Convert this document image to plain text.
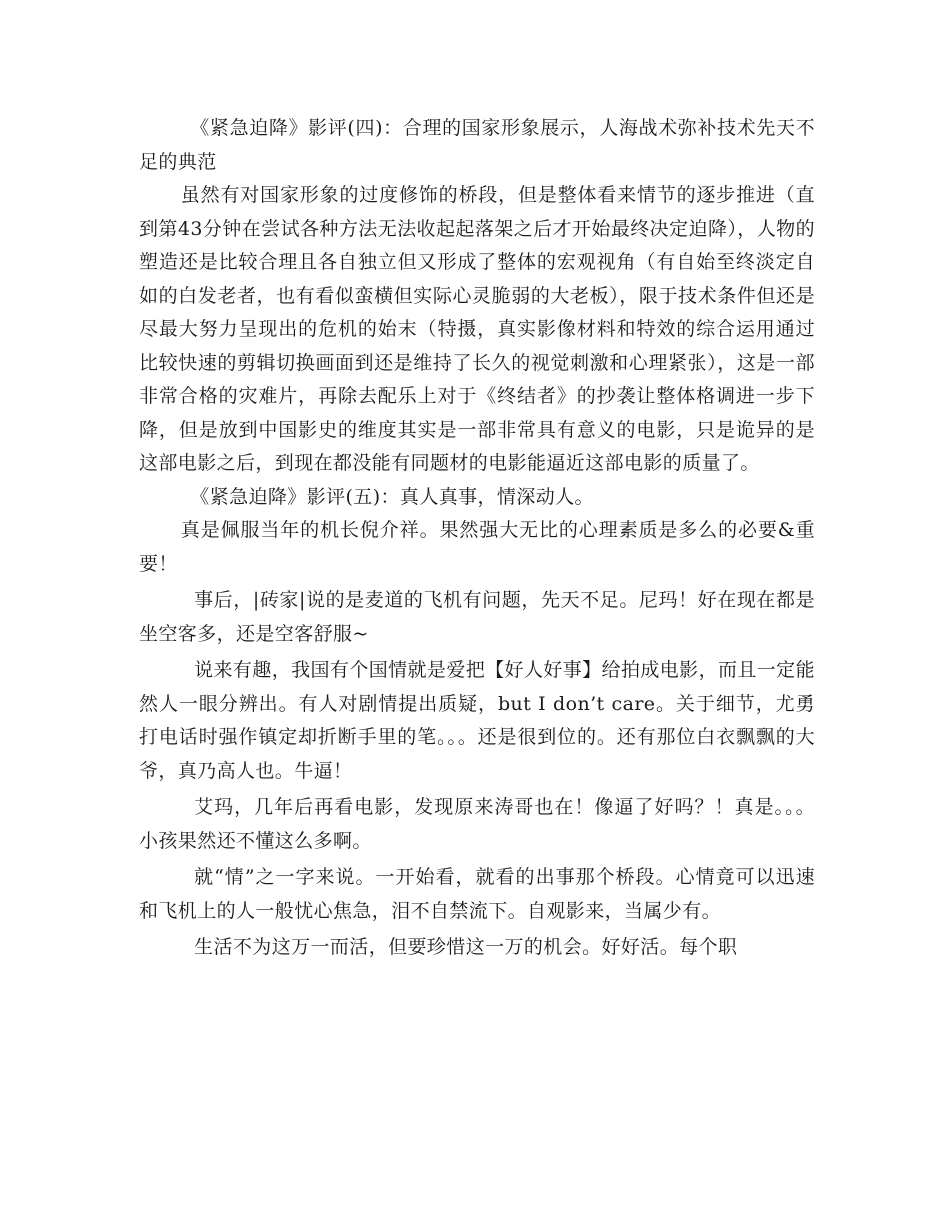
《紧急迫降》影评(四)：合理的国家形象展示，人海战术弥补技术先天不足的典范

虽然有对国家形象的过度修饰的桥段，但是整体看来情节的逐步推进（直到第43分钟在尝试各种方法无法收起起落架之后才开始最终决定迫降），人物的塑造还是比较合理且各自独立但又形成了整体的宏观视角（有自始至终淡定自如的白发老者，也有看似蛮横但实际心灵脆弱的大老板），限于技术条件但还是尽最大努力呈现出的危机的始末（特摄，真实影像材料和特效的综合运用通过比较快速的剪辑切换画面到还是维持了长久的视觉刺激和心理紧张），这是一部非常合格的灾难片，再除去配乐上对于《终结者》的抄袭让整体格调进一步下降，但是放到中国影史的维度其实是一部非常具有意义的电影，只是诡异的是这部电影之后，到现在都没能有同题材的电影能逼近这部电影的质量了。

《紧急迫降》影评(五)：真人真事，情深动人。

真是佩服当年的机长倪介祥。果然强大无比的心理素质是多么的必要&重要！

事后，|砖家|说的是麦道的飞机有问题，先天不足。尼玛！好在现在都是坐空客多，还是空客舒服~

说来有趣，我国有个国情就是爱把【好人好事】给拍成电影，而且一定能然人一眼分辨出。有人对剧情提出质疑，but I don’t care。关于细节，尤勇打电话时强作镇定却折断手里的笔。。。还是很到位的。还有那位白衣飘飘的大爷，真乃高人也。牛逼！

艾玛，几年后再看电影，发现原来涛哥也在！像逼了好吗？！真是。。。小孩果然还不懂这么多啊。

就“情”之一字来说。一开始看，就看的出事那个桥段。心情竟可以迅速和飞机上的人一般忧心焦急，泪不自禁流下。自观影来，当属少有。

生活不为这万一而活，但要珍惜这一万的机会。好好活。每个职
